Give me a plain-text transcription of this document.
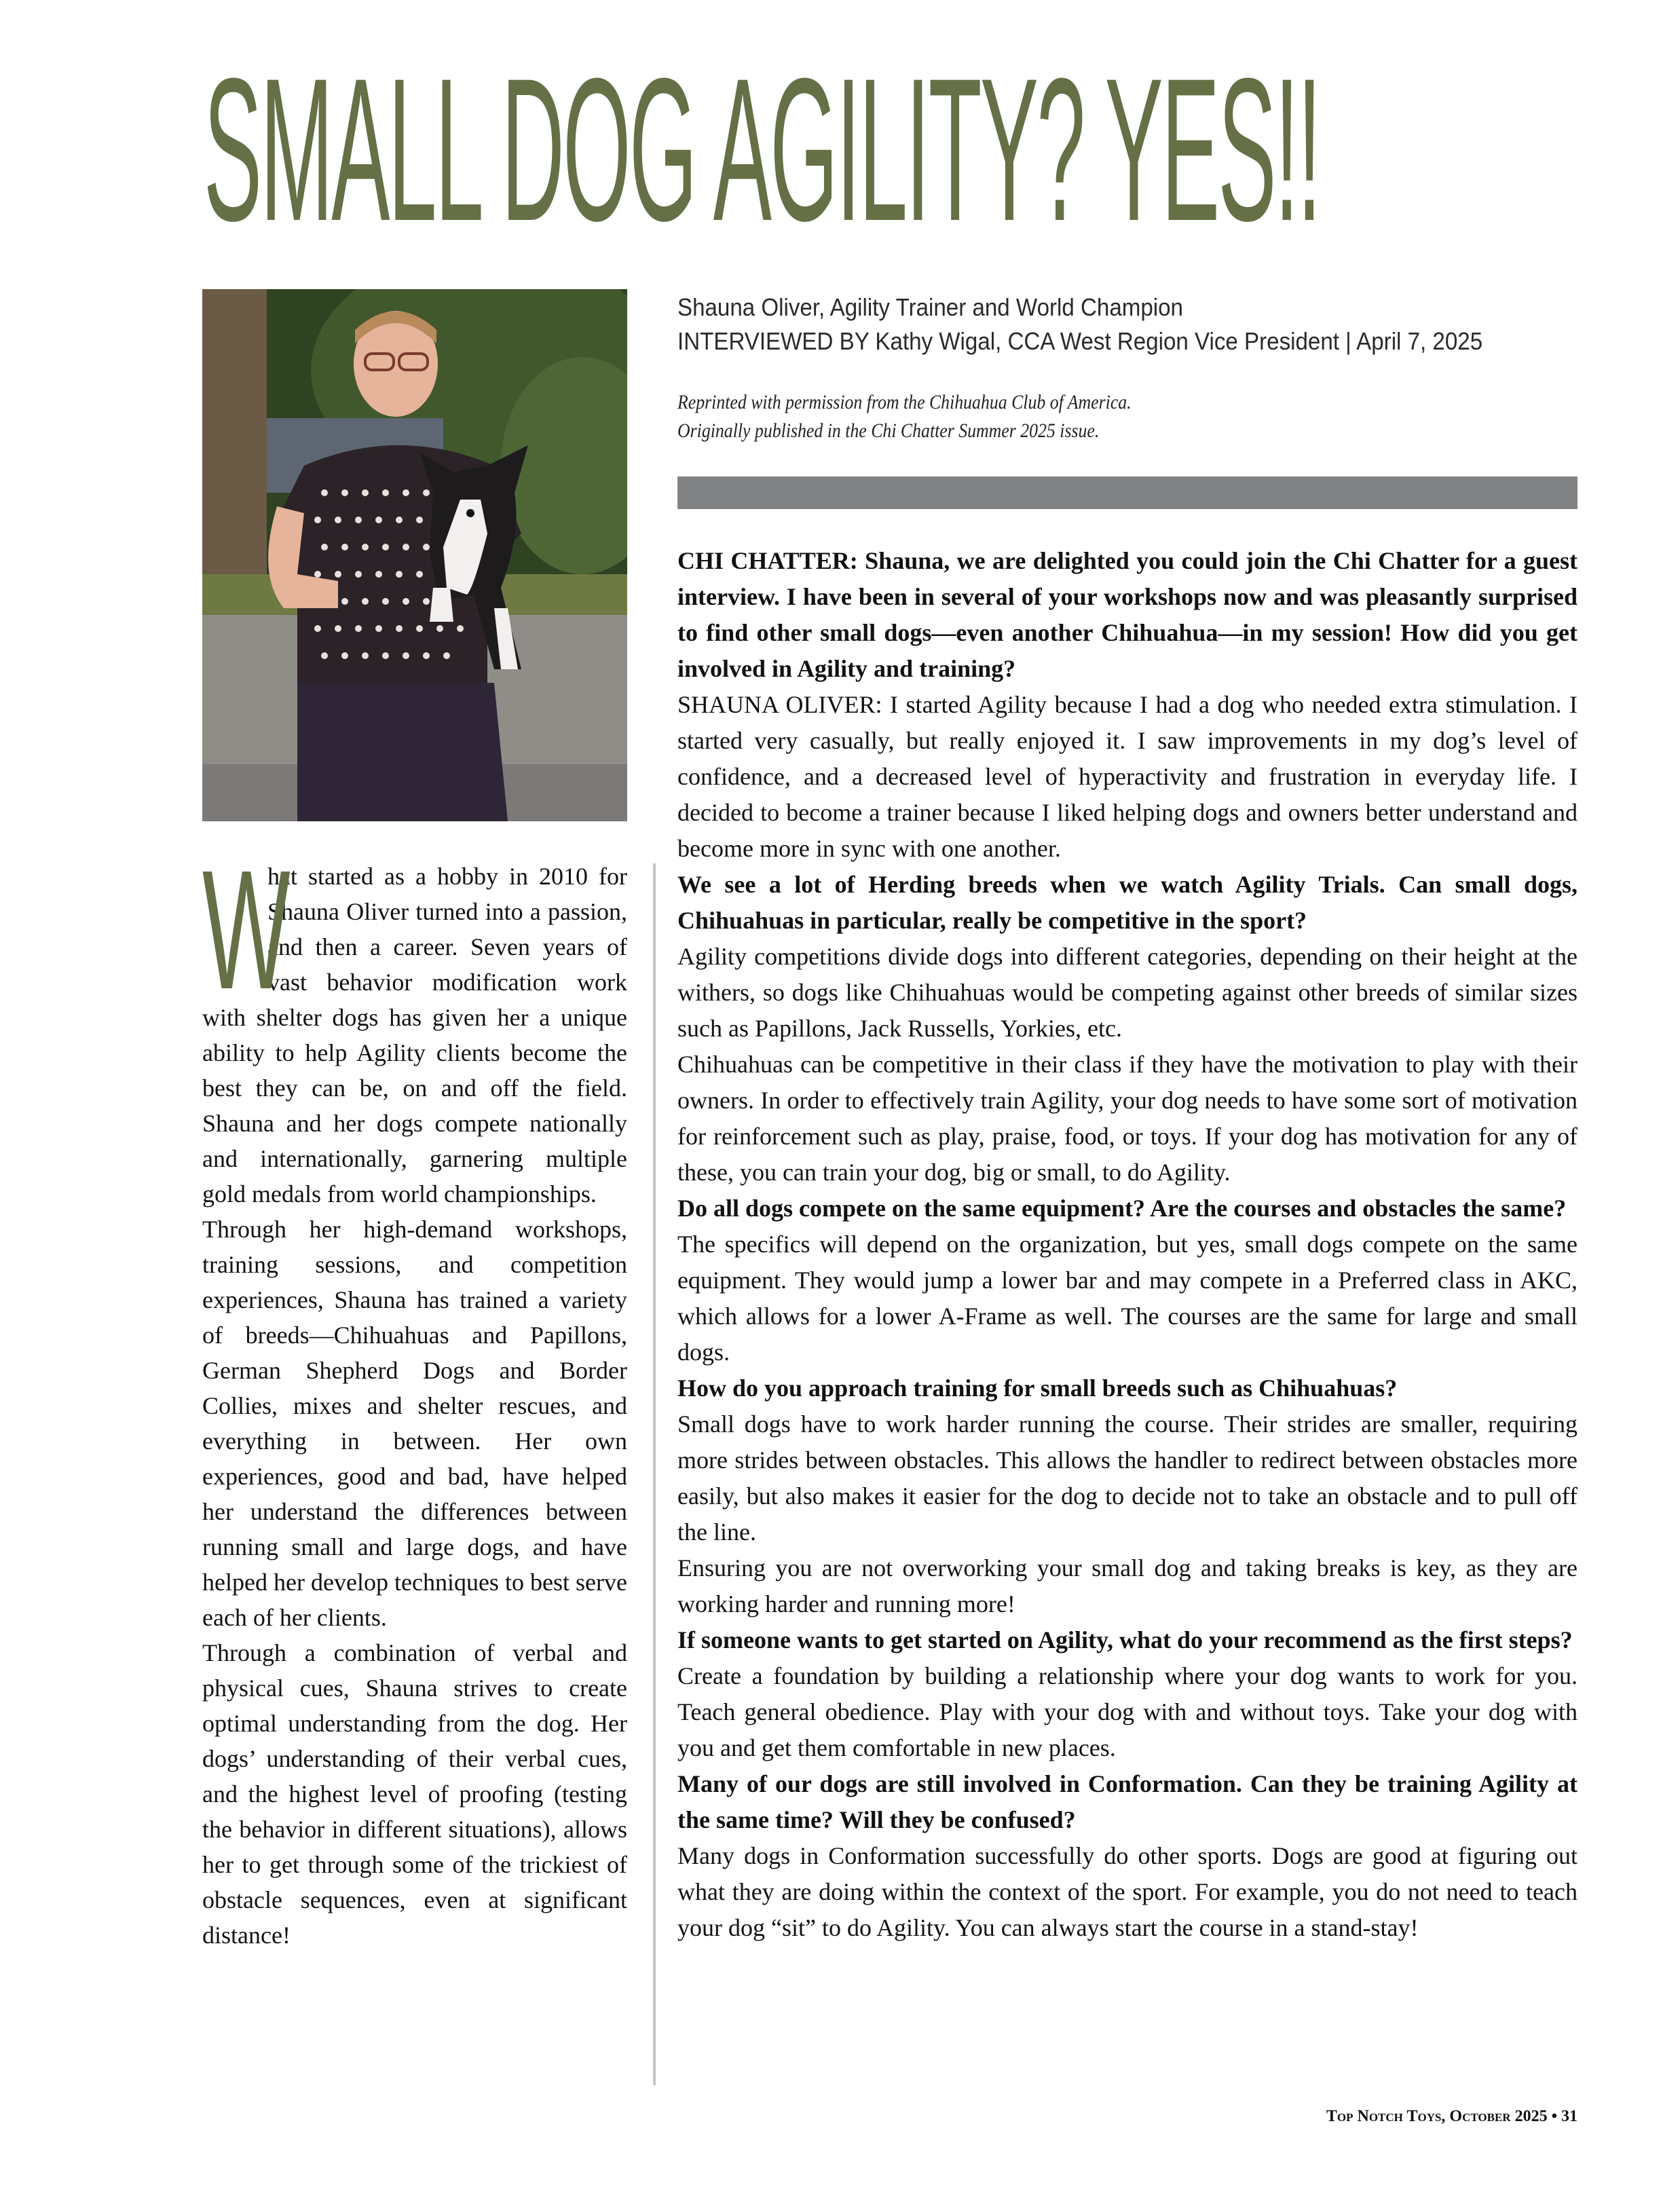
SMALL DOG AGILITY? YES!!
Shauna Oliver, Agility Trainer and World Champion
INTERVIEWED BY Kathy Wigal, CCA West Region Vice President | April 7, 2025
Reprinted with permission from the Chihuahua Club of America.
Originally published in the Chi Chatter Summer 2025 issue.

W
hat started as a hobby in 2010 for Shauna Oliver turned into a passion, and then a career. Seven years of vast behavior modification work with shelter dogs has given her a unique ability to help Agility clients become the best they can be, on and off the field. Shauna and her dogs compete nationally and internationally, garnering multiple gold medals from world championships.

Through her high-demand workshops, training sessions, and competition experiences, Shauna has trained a variety of breeds—Chihuahuas and Papillons, German Shepherd Dogs and Border Collies, mixes and shelter rescues, and everything in between. Her own experiences, good and bad, have helped her understand the differences between running small and large dogs, and have helped her develop techniques to best serve each of her clients.

Through a combination of verbal and physical cues, Shauna strives to create optimal understanding from the dog. Her dogs’ understanding of their verbal cues, and the highest level of proofing (testing the behavior in different situations), allows her to get through some of the trickiest of obstacle sequences, even at significant distance!

CHI CHATTER: Shauna, we are delighted you could join the Chi Chatter for a guest interview. I have been in several of your workshops now and was pleasantly surprised to find other small dogs—even another Chihuahua—in my session! How did you get involved in Agility and training?

SHAUNA OLIVER: I started Agility because I had a dog who needed extra stimulation. I started very casually, but really enjoyed it. I saw improvements in my dog’s level of confidence, and a decreased level of hyperactivity and frustration in everyday life. I decided to become a trainer because I liked helping dogs and owners better understand and become more in sync with one another.

We see a lot of Herding breeds when we watch Agility Trials. Can small dogs, Chihuahuas in particular, really be competitive in the sport?

Agility competitions divide dogs into different categories, depending on their height at the withers, so dogs like Chihuahuas would be competing against other breeds of similar sizes such as Papillons, Jack Russells, Yorkies, etc.

Chihuahuas can be competitive in their class if they have the motivation to play with their owners. In order to effectively train Agility, your dog needs to have some sort of motivation for reinforcement such as play, praise, food, or toys. If your dog has motivation for any of these, you can train your dog, big or small, to do Agility.

Do all dogs compete on the same equipment? Are the courses and obstacles the same?

The specifics will depend on the organization, but yes, small dogs compete on the same equipment. They would jump a lower bar and may compete in a Preferred class in AKC, which allows for a lower A-Frame as well. The courses are the same for large and small dogs.

How do you approach training for small breeds such as Chihuahuas?

Small dogs have to work harder running the course. Their strides are smaller, requiring more strides between obstacles. This allows the handler to redirect between obstacles more easily, but also makes it easier for the dog to decide not to take an obstacle and to pull off the line.

Ensuring you are not overworking your small dog and taking breaks is key, as they are working harder and running more!

If someone wants to get started on Agility, what do your recommend as the first steps?

Create a foundation by building a relationship where your dog wants to work for you. Teach general obedience. Play with your dog with and without toys. Take your dog with you and get them comfortable in new places.

Many of our dogs are still involved in Conformation. Can they be training Agility at the same time? Will they be confused?

Many dogs in Conformation successfully do other sports. Dogs are good at figuring out what they are doing within the context of the sport. For example, you do not need to teach your dog “sit” to do Agility. You can always start the course in a stand-stay!

Top Notch Toys, October 2025 • 31
